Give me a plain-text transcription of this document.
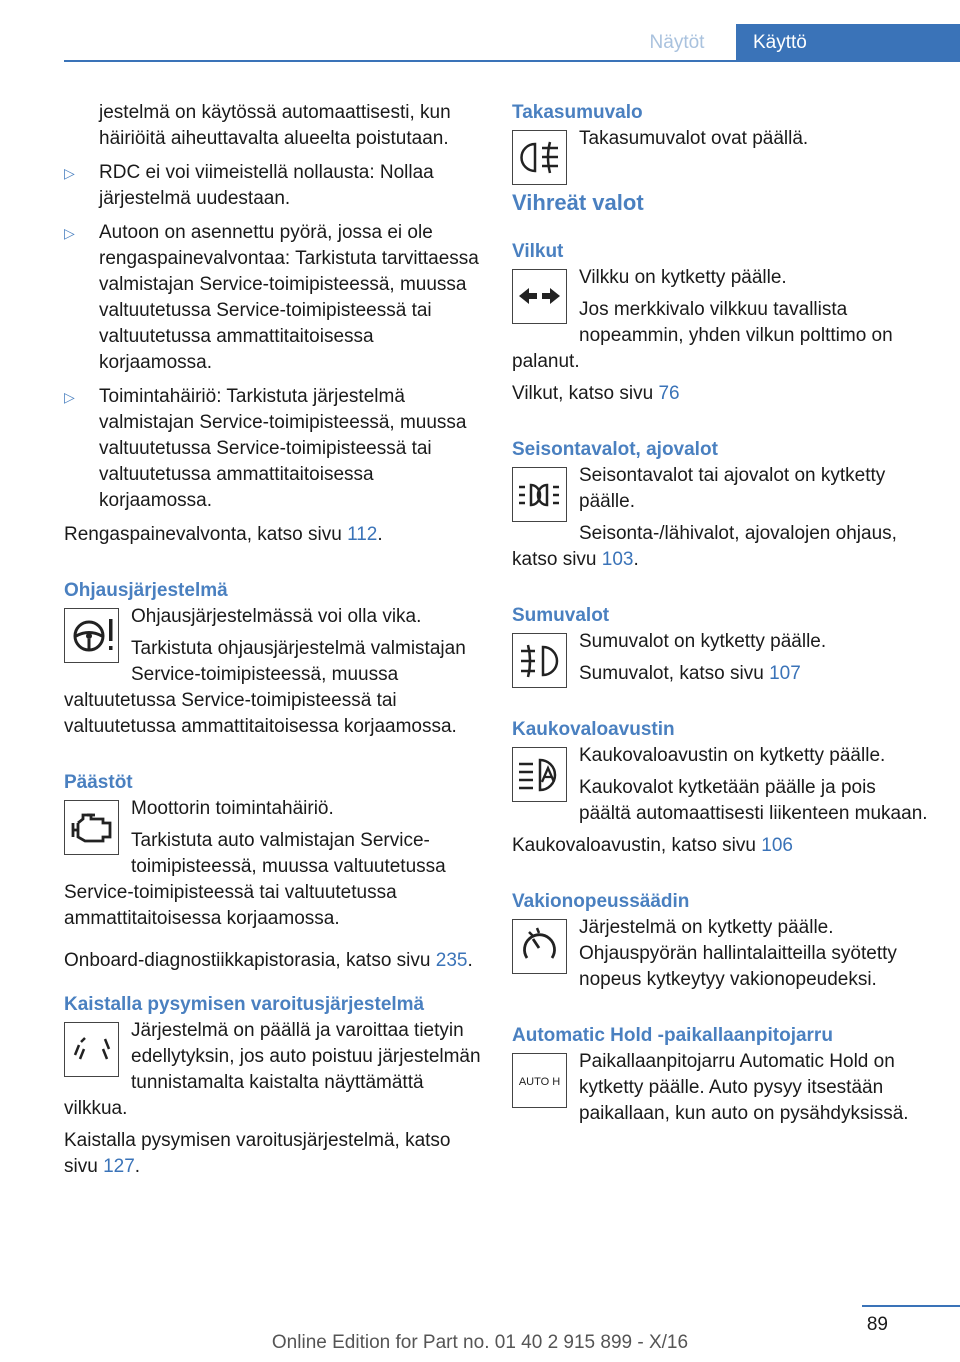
Näytöt	Käyttö

jestelmä on käytössä automaattisesti, kun häiriöitä aiheuttavalta alueelta poistutaan.

▷ RDC ei voi viimeistellä nollausta: Nollaa järjestelmä uudestaan.
▷ Autoon on asennettu pyörä, jossa ei ole rengaspainevalvontaa: Tarkistuta tarvittaessa valmistajan Service-toimipisteessä, muussa valtuutetussa Service-toimipisteessä tai valtuutetussa ammattitaitoisessa korjaamossa.
▷ Toimintahäiriö: Tarkistuta järjestelmä valmistajan Service-toimipisteessä, muussa valtuutetussa Service-toimipisteessä tai valtuutetussa ammattitaitoisessa korjaamossa.

Rengaspainevalvonta, katso sivu 112.

Ohjausjärjestelmä

Ohjausjärjestelmässä voi olla vika.

Tarkistuta ohjausjärjestelmä valmistajan Service-toimipisteessä, muussa valtuutetussa Service-toimipisteessä tai valtuutetussa ammattitaitoisessa korjaamossa.

Päästöt

Moottorin toimintahäiriö.

Tarkistuta auto valmistajan Service-toimipisteessä, muussa valtuutetussa Service-toimipisteessä tai valtuutetussa ammattitaitoisessa korjaamossa.

Onboard-diagnostiikkapistorasia, katso sivu 235.

Kaistalla pysymisen varoitusjärjestelmä

Järjestelmä on päällä ja varoittaa tietyin edellytyksin, jos auto poistuu järjestelmän tunnistamalta kaistalta näyttämättä vilkkua.

Kaistalla pysymisen varoitusjärjestelmä, katso sivu 127.

Takasumuvalo

Takasumuvalot ovat päällä.

Vihreät valot

Vilkut

Vilkku on kytketty päälle.

Jos merkkivalo vilkkuu tavallista nopeammin, yhden vilkun polttimo on palanut.

Vilkut, katso sivu 76

Seisontavalot, ajovalot

Seisontavalot tai ajovalot on kytketty päälle.

Seisonta-/lähivalot, ajovalojen ohjaus, katso sivu 103.

Sumuvalot

Sumuvalot on kytketty päälle.

Sumuvalot, katso sivu 107

Kaukovaloavustin

Kaukovaloavustin on kytketty päälle.

Kaukovalot kytketään päälle ja pois päältä automaattisesti liikenteen mukaan.

Kaukovaloavustin, katso sivu 106

Vakionopeussäädin

Järjestelmä on kytketty päälle. Ohjauspyörän hallintalaitteilla syötetty nopeus kytkeytyy vakionopeudeksi.

Automatic Hold -paikallaanpitojarru

AUTO H

Paikallaanpitojarru Automatic Hold on kytketty päälle. Auto pysyy itsestään paikallaan, kun auto on pysähdyksissä.

89
Online Edition for Part no. 01 40 2 915 899 - X/16
